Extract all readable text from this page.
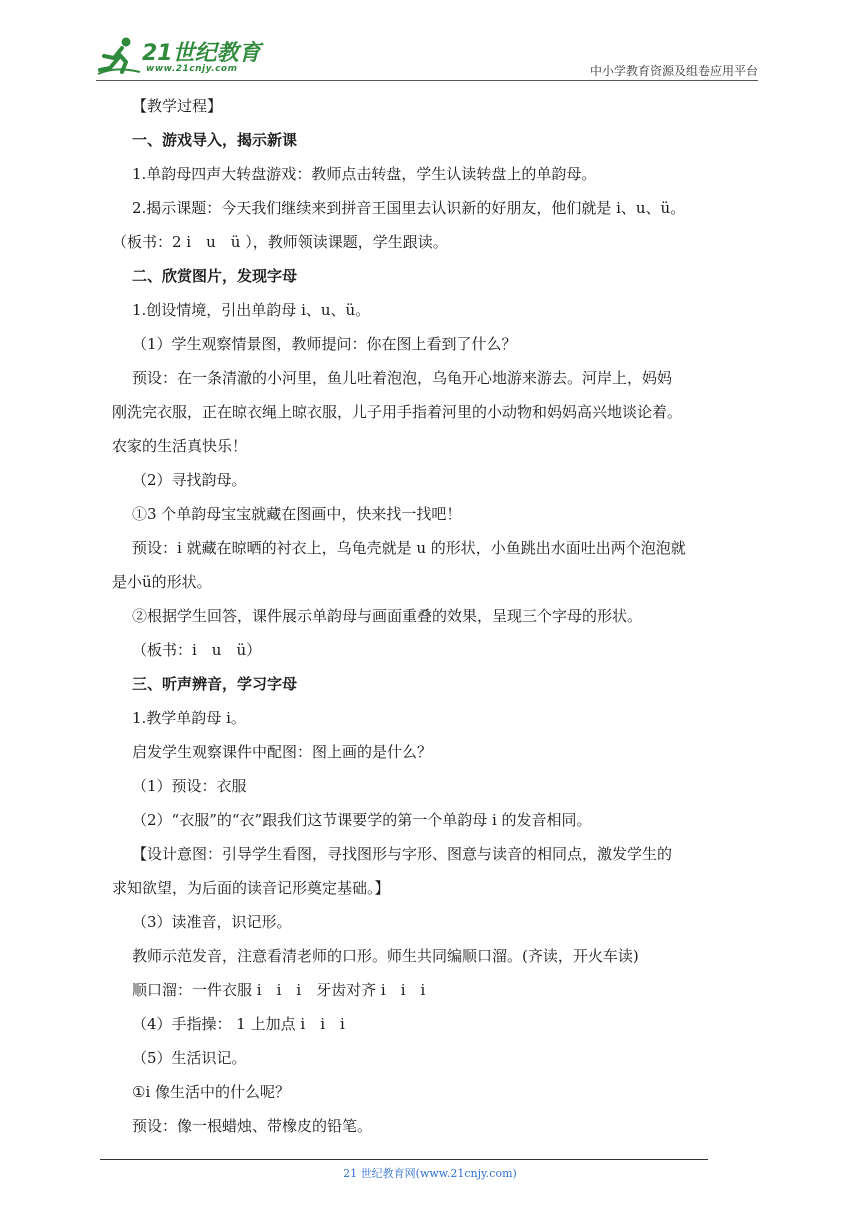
21世纪教育
www.21cnjy.com	中小学教育资源及组卷应用平台
【教学过程】
一、游戏导入，揭示新课
1.单韵母四声大转盘游戏：教师点击转盘，学生认读转盘上的单韵母。
2.揭示课题：今天我们继续来到拼音王国里去认识新的好朋友，他们就是 i、u、ü。
（板书：2 i　u　ü ），教师领读课题，学生跟读。
二、欣赏图片，发现字母
1.创设情境，引出单韵母 i、u、ü。
（1）学生观察情景图，教师提问：你在图上看到了什么？
预设：在一条清澈的小河里，鱼儿吐着泡泡，乌龟开心地游来游去。河岸上，妈妈
刚洗完衣服，正在晾衣绳上晾衣服，儿子用手指着河里的小动物和妈妈高兴地谈论着。
农家的生活真快乐！
（2）寻找韵母。
①3 个单韵母宝宝就藏在图画中，快来找一找吧！
预设：i 就藏在晾晒的衬衣上，乌龟壳就是 u 的形状，小鱼跳出水面吐出两个泡泡就
是小ü的形状。
②根据学生回答，课件展示单韵母与画面重叠的效果，呈现三个字母的形状。
（板书：i　u　ü）
三、听声辨音，学习字母
1.教学单韵母 i。
启发学生观察课件中配图：图上画的是什么？
（1）预设：衣服
（2）“衣服”的“衣”跟我们这节课要学的第一个单韵母 i 的发音相同。
【设计意图：引导学生看图，寻找图形与字形、图意与读音的相同点，激发学生的
求知欲望，为后面的读音记形奠定基础。】
（3）读准音，识记形。
教师示范发音，注意看清老师的口形。师生共同编顺口溜。(齐读，开火车读)
顺口溜：一件衣服 i　i　i　牙齿对齐 i　i　i
（4）手指操： 1 上加点 i　i　i
（5）生活识记。
①i 像生活中的什么呢？
预设：像一根蜡烛、带橡皮的铅笔。
21 世纪教育网(www.21cnjy.com)
